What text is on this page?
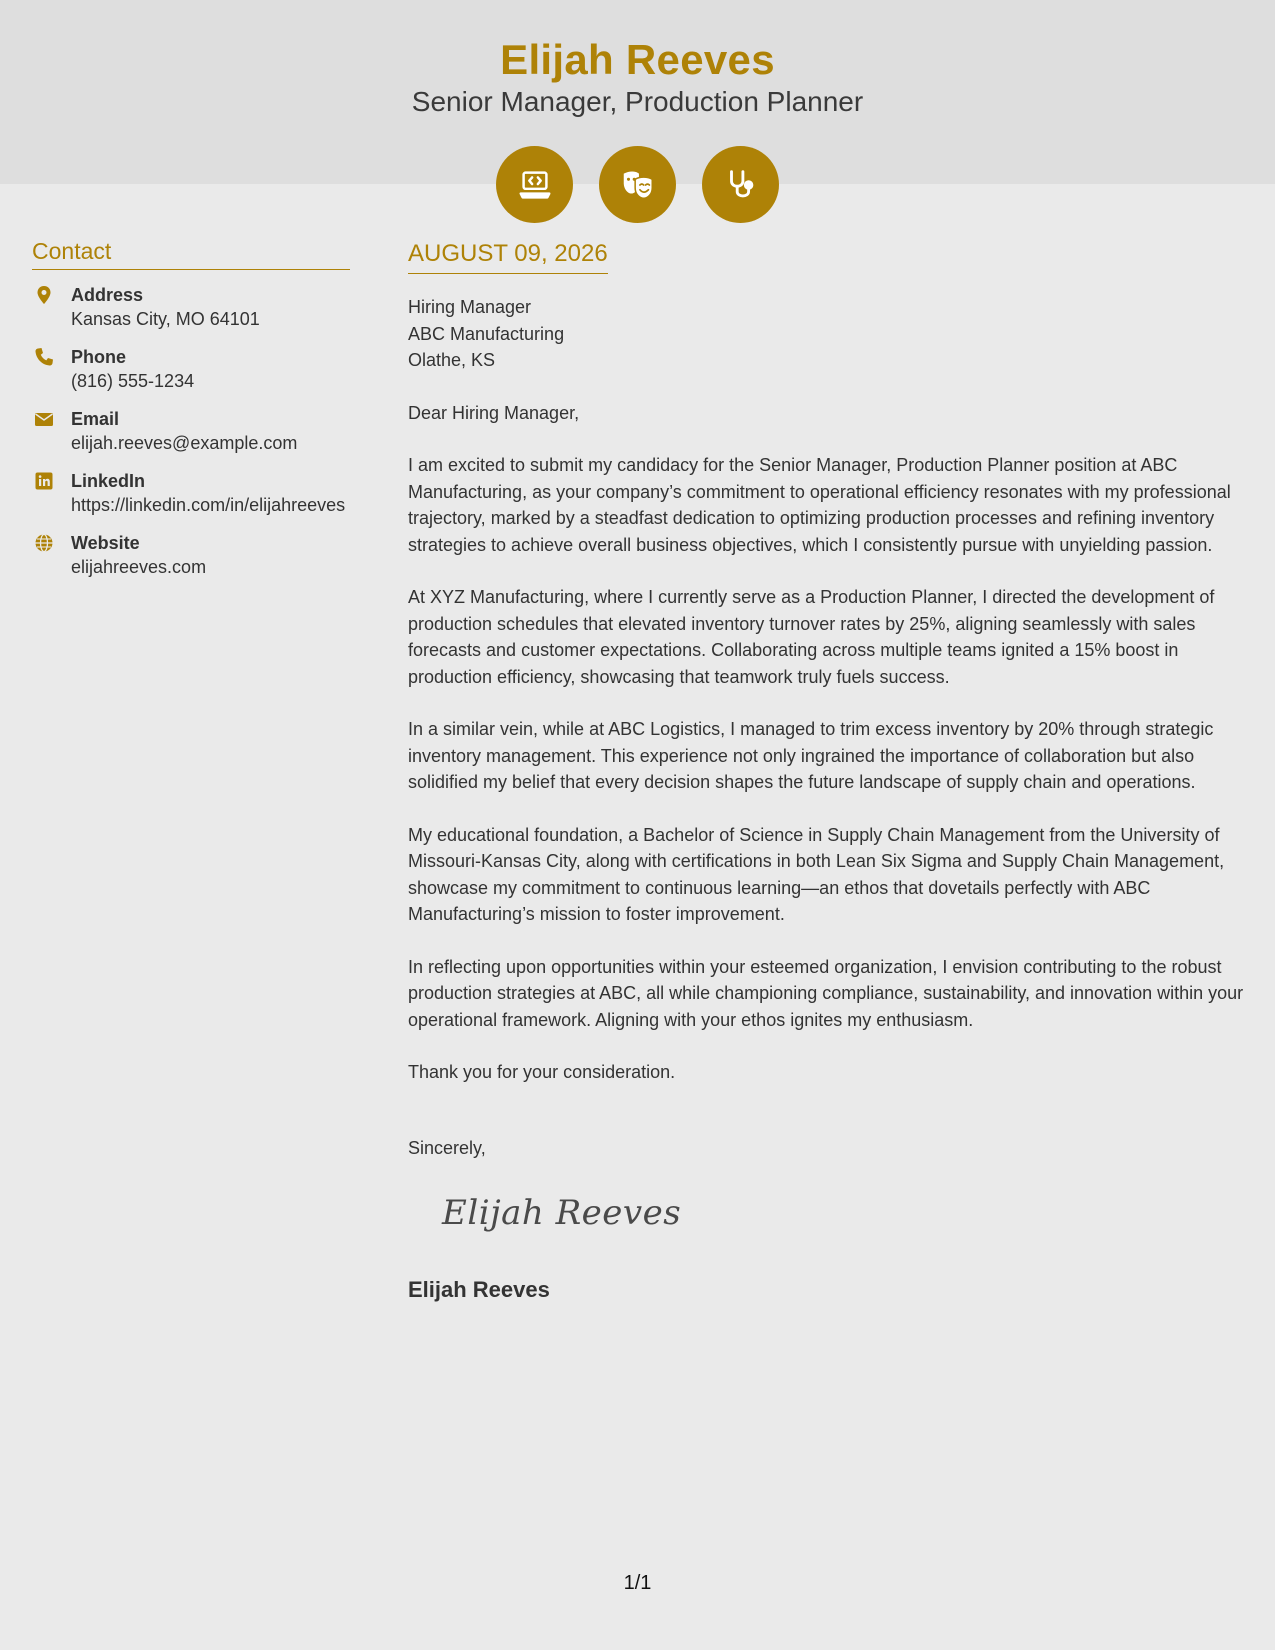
Elijah Reeves
Senior Manager, Production Planner
Contact
Address
Kansas City, MO 64101
Phone
(816) 555-1234
Email
elijah.reeves@example.com
LinkedIn
https://linkedin.com/in/elijahreeves
Website
elijahreeves.com
AUGUST 09, 2026
Hiring Manager
ABC Manufacturing
Olathe, KS
Dear Hiring Manager,
I am excited to submit my candidacy for the Senior Manager, Production Planner position at ABC Manufacturing, as your company’s commitment to operational efficiency resonates with my professional trajectory, marked by a steadfast dedication to optimizing production processes and refining inventory strategies to achieve overall business objectives, which I consistently pursue with unyielding passion.
At XYZ Manufacturing, where I currently serve as a Production Planner, I directed the development of production schedules that elevated inventory turnover rates by 25%, aligning seamlessly with sales forecasts and customer expectations. Collaborating across multiple teams ignited a 15% boost in production efficiency, showcasing that teamwork truly fuels success.
In a similar vein, while at ABC Logistics, I managed to trim excess inventory by 20% through strategic inventory management. This experience not only ingrained the importance of collaboration but also solidified my belief that every decision shapes the future landscape of supply chain and operations.
My educational foundation, a Bachelor of Science in Supply Chain Management from the University of Missouri-Kansas City, along with certifications in both Lean Six Sigma and Supply Chain Management, showcase my commitment to continuous learning—an ethos that dovetails perfectly with ABC Manufacturing’s mission to foster improvement.
In reflecting upon opportunities within your esteemed organization, I envision contributing to the robust production strategies at ABC, all while championing compliance, sustainability, and innovation within your operational framework. Aligning with your ethos ignites my enthusiasm.
Thank you for your consideration.
Sincerely,
Elijah Reeves
Elijah Reeves
1/1
